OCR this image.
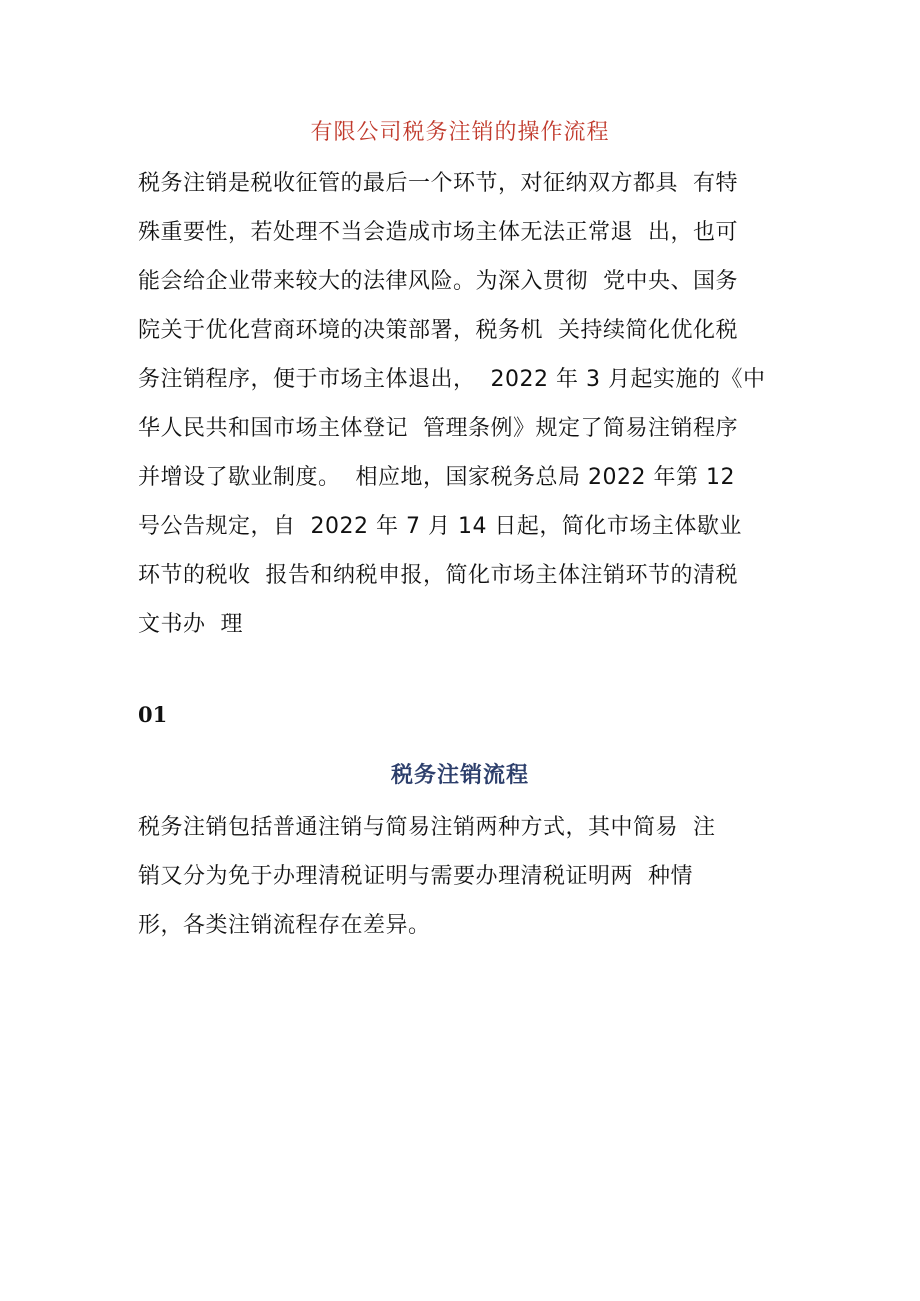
有限公司税务注销的操作流程
税务注销是税收征管的最后一个环节，对征纳双方都具  有特
殊重要性，若处理不当会造成市场主体无法正常退  出，也可
能会给企业带来较大的法律风险。为深入贯彻  党中央、国务
院关于优化营商环境的决策部署，税务机  关持续简化优化税
务注销程序，便于市场主体退出，  2022 年 3 月起实施的《中
华人民共和国市场主体登记  管理条例》规定了简易注销程序
并增设了歇业制度。  相应地，国家税务总局 2022 年第 12
号公告规定，自  2022 年 7 月 14 日起，简化市场主体歇业
环节的税收  报告和纳税申报，简化市场主体注销环节的清税
文书办  理
01
税务注销流程
税务注销包括普通注销与简易注销两种方式，其中简易  注
销又分为免于办理清税证明与需要办理清税证明两  种情
形，各类注销流程存在差异。
